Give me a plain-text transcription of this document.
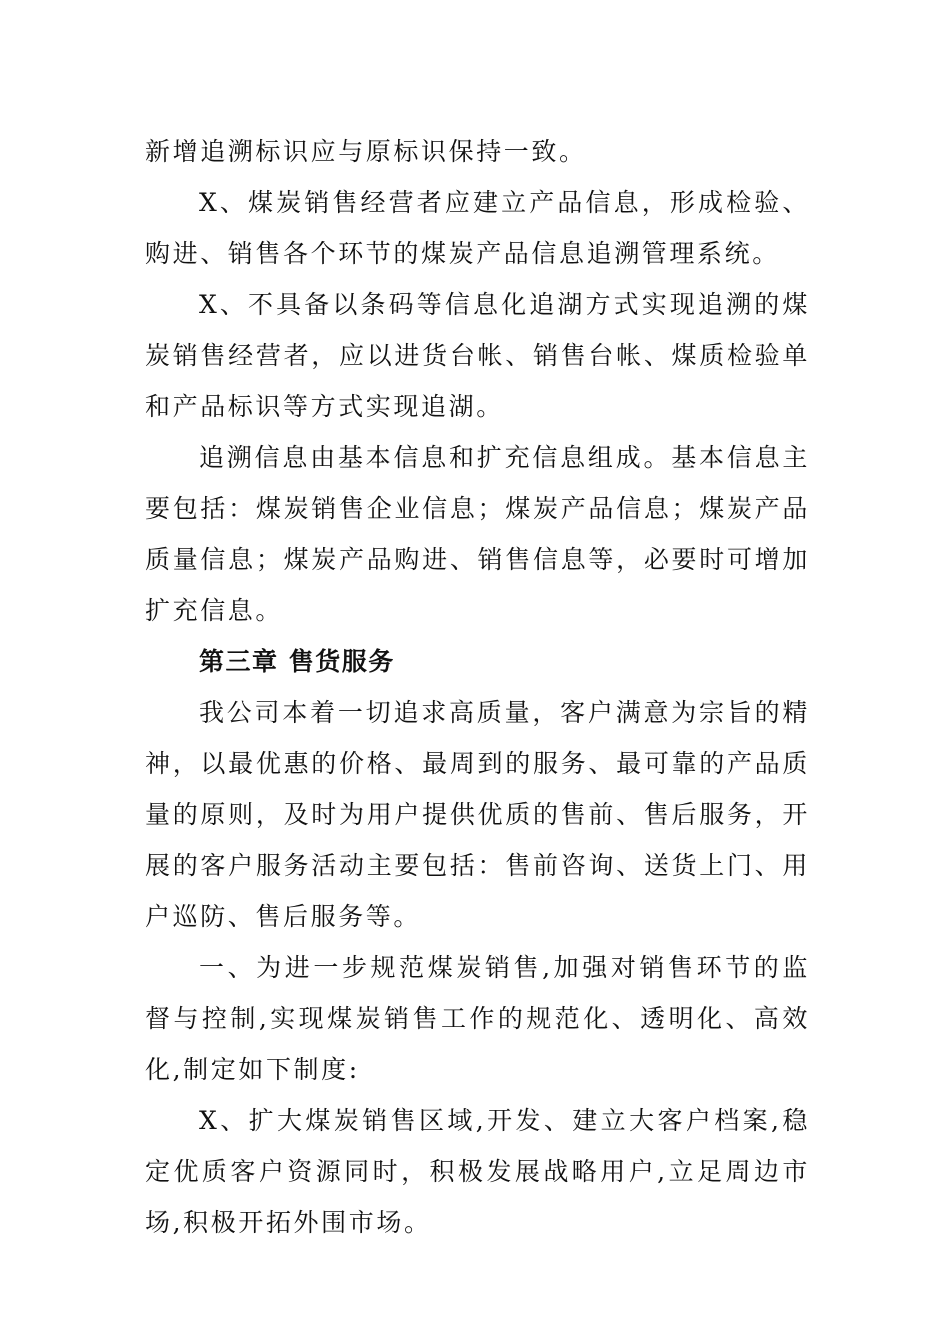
新增追溯标识应与原标识保持一致。

X、煤炭销售经营者应建立产品信息，形成检验、购进、销售各个环节的煤炭产品信息追溯管理系统。

X、不具备以条码等信息化追湖方式实现追溯的煤炭销售经营者，应以进货台帐、销售台帐、煤质检验单和产品标识等方式实现追湖。

追溯信息由基本信息和扩充信息组成。基本信息主要包括：煤炭销售企业信息；煤炭产品信息；煤炭产品质量信息；煤炭产品购进、销售信息等，必要时可增加扩充信息。

第三章 售货服务

我公司本着一切追求高质量，客户满意为宗旨的精神，以最优惠的价格、最周到的服务、最可靠的产品质量的原则，及时为用户提供优质的售前、售后服务，开展的客户服务活动主要包括：售前咨询、送货上门、用户巡防、售后服务等。

一、为进一步规范煤炭销售,加强对销售环节的监督与控制,实现煤炭销售工作的规范化、透明化、高效化,制定如下制度:

X、扩大煤炭销售区域,开发、建立大客户档案,稳定优质客户资源同时，积极发展战略用户,立足周边市场,积极开拓外围市场。
